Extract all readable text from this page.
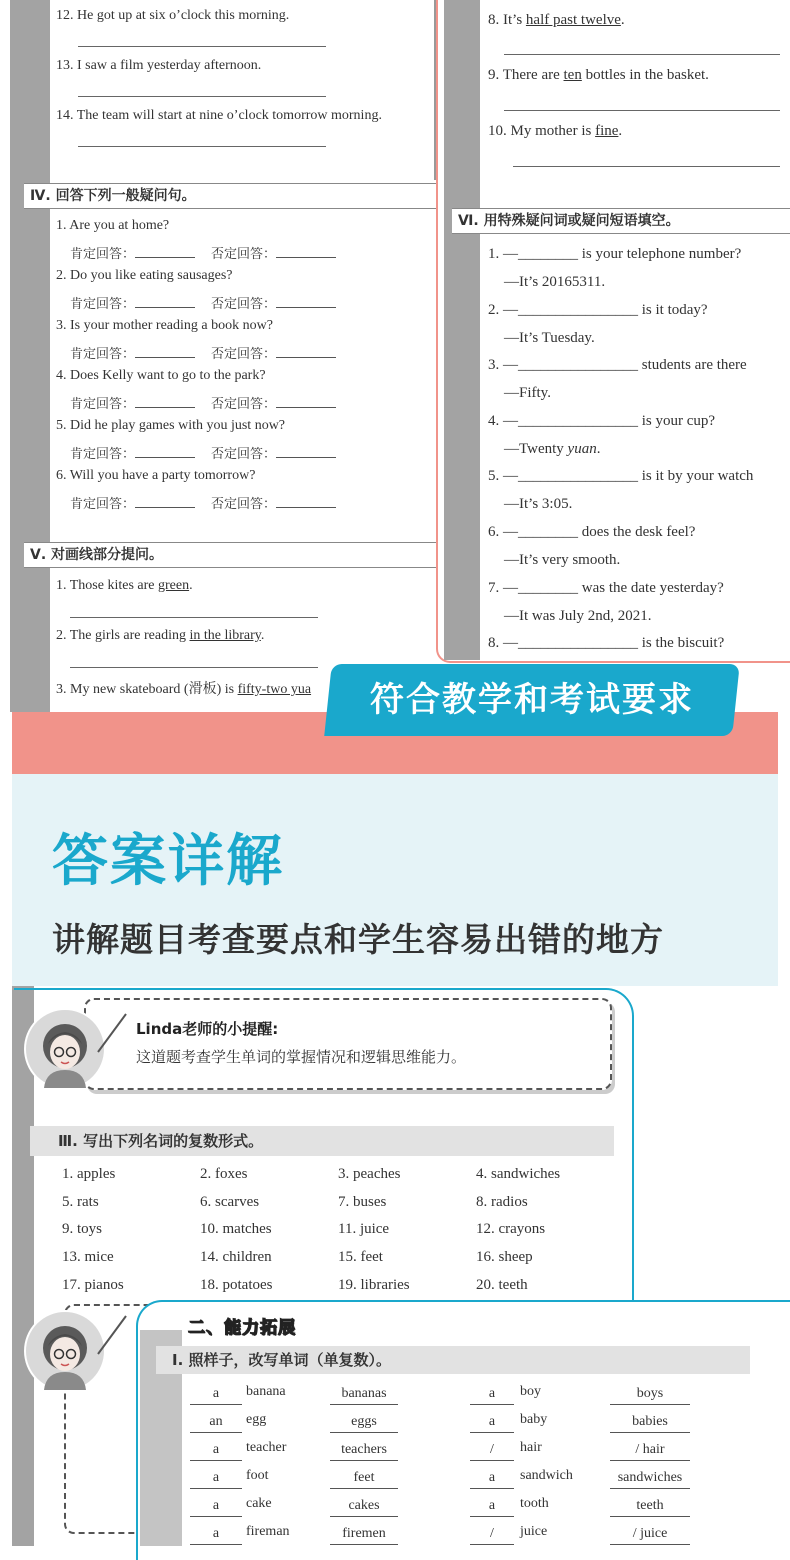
12. He got up at six o’clock this morning.
13. I saw a film yesterday afternoon.
14. The team will start at nine o’clock tomorrow morning.
Ⅳ. 回答下列一般疑问句。
1. Are you at home?
肯定回答：	否定回答：
2. Do you like eating sausages?
肯定回答：	否定回答：
3. Is your mother reading a book now?
肯定回答：	否定回答：
4. Does Kelly want to go to the park?
肯定回答：	否定回答：
5. Did he play games with you just now?
肯定回答：	否定回答：
6. Will you have a party tomorrow?
肯定回答：	否定回答：
Ⅴ. 对画线部分提问。
1. Those kites are green.
2. The girls are reading in the library.
3. My new skateboard (滑板) is fifty-two yua
8. It’s half past twelve.
9. There are ten bottles in the basket.
10. My mother is fine.
Ⅵ. 用特殊疑问词或疑问短语填空。
1. —________ is your telephone number?
—It’s 20165311.
2. —________________ is it today?
—It’s Tuesday.
3. —________________ students are there
—Fifty.
4. —________________ is your cup?
—Twenty yuan.
5. —________________ is it by your watch
—It’s 3:05.
6. —________ does the desk feel?
—It’s very smooth.
7. —________ was the date yesterday?
—It was July 2nd, 2021.
8. —________________ is the biscuit?
符合教学和考试要求
答案详解
讲解题目考查要点和学生容易出错的地方
Linda老师的小提醒:
这道题考查学生单词的掌握情况和逻辑思维能力。
Ⅲ. 写出下列名词的复数形式。
1. apples	2. foxes	3. peaches	4. sandwiches
5. rats	6. scarves	7. buses	8. radios
9. toys	10. matches	11. juice	12. crayons
13. mice	14. children	15. feet	16. sheep
17. pianos	18. potatoes	19. libraries	20. teeth
二、能力拓展
Ⅰ. 照样子，改写单词（单复数）。
a	banana	bananas	a	boy	boys
an	egg	eggs	a	baby	babies
a	teacher	teachers	/	hair	/ hair
a	foot	feet	a	sandwich	sandwiches
a	cake	cakes	a	tooth	teeth
a	fireman	firemen	/	juice	/ juice
